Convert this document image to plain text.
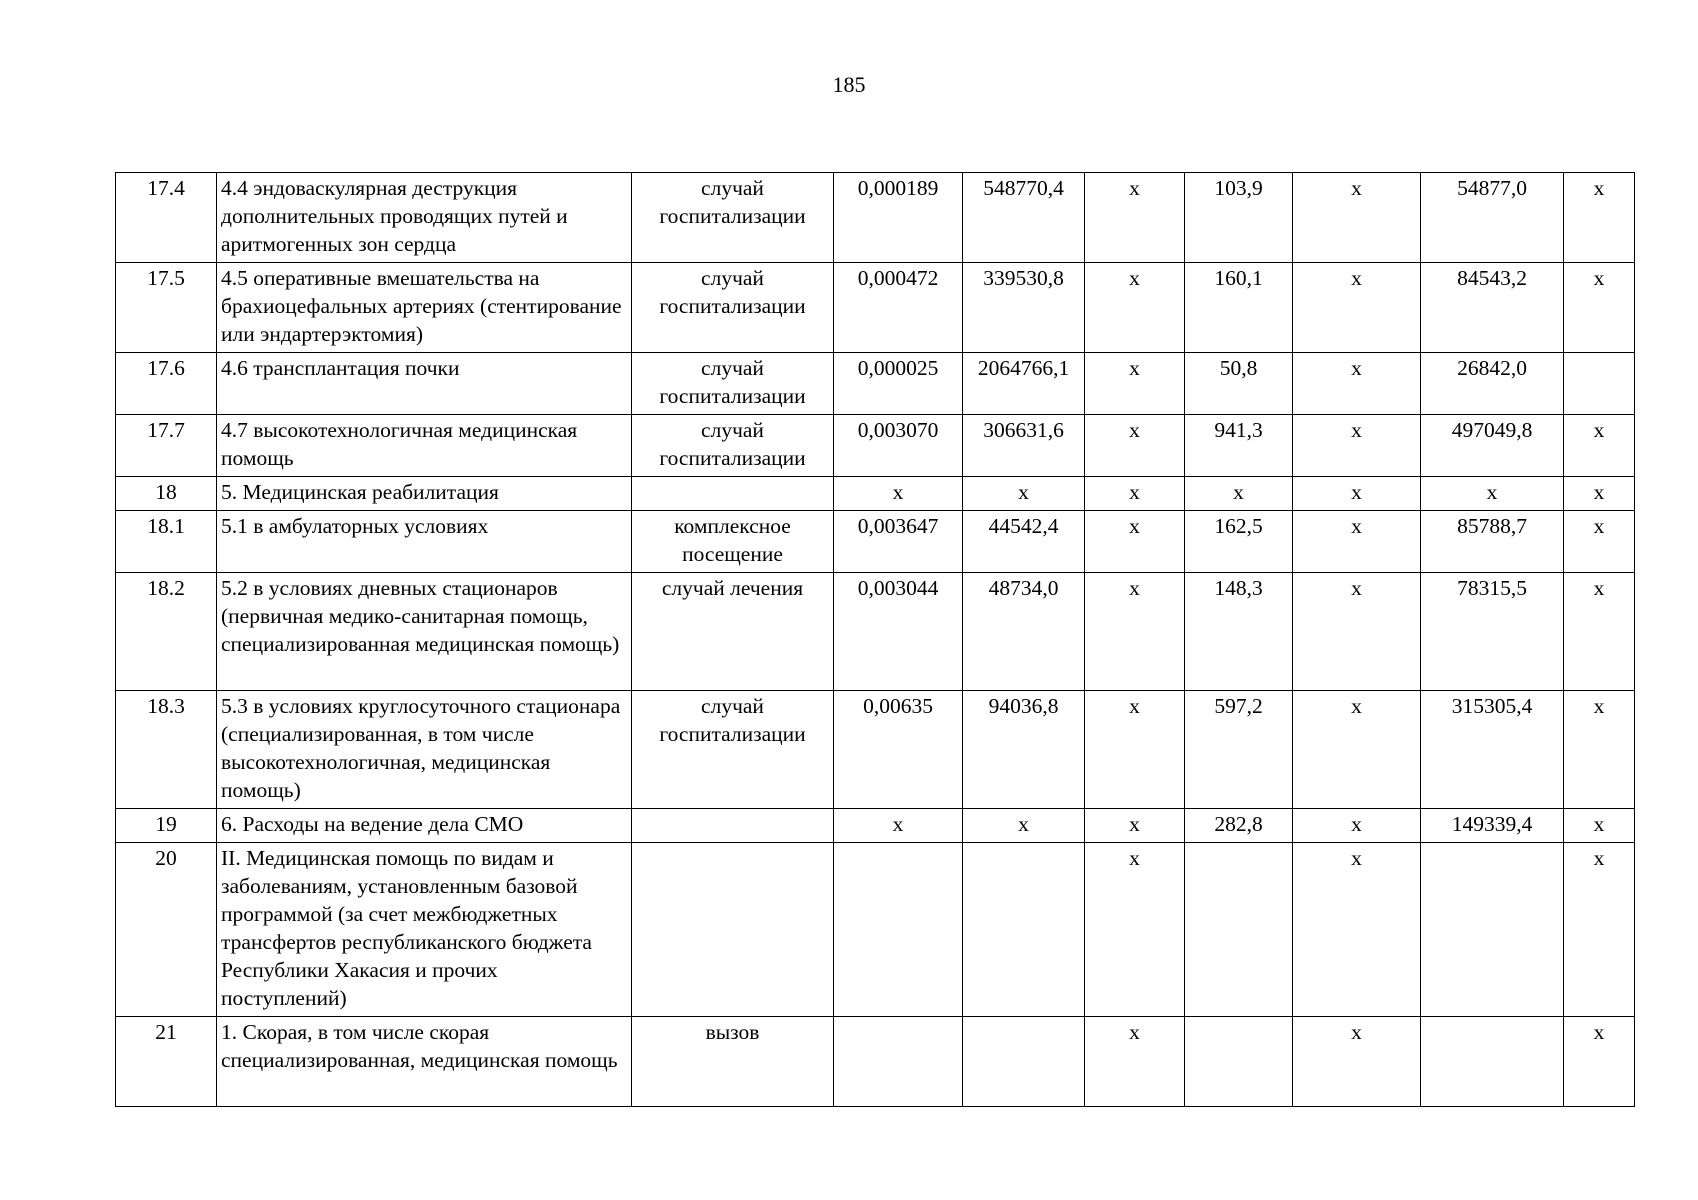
185
17.4	4.4 эндоваскулярная деструкция дополнительных проводящих путей и аритмогенных зон сердца	случай госпитализации	0,000189	548770,4	х	103,9	х	54877,0	х
17.5	4.5 оперативные вмешательства на брахиоцефальных артериях (стентирование или эндартерэктомия)	случай госпитализации	0,000472	339530,8	х	160,1	х	84543,2	х
17.6	4.6 трансплантация почки	случай госпитализации	0,000025	2064766,1	х	50,8	х	26842,0	
17.7	4.7 высокотехнологичная медицинская помощь	случай госпитализации	0,003070	306631,6	х	941,3	х	497049,8	х
18	5. Медицинская реабилитация		х	х	х	х	х	х	х
18.1	5.1 в амбулаторных условиях	комплексное посещение	0,003647	44542,4	х	162,5	х	85788,7	х
18.2	5.2 в условиях дневных стационаров (первичная медико-санитарная помощь, специализированная медицинская помощь)	случай лечения	0,003044	48734,0	х	148,3	х	78315,5	х
18.3	5.3 в условиях круглосуточного стационара (специализированная, в том числе высокотехнологичная, медицинская помощь)	случай госпитализации	0,00635	94036,8	х	597,2	х	315305,4	х
19	6. Расходы на ведение дела СМО		х	х	х	282,8	х	149339,4	х
20	II. Медицинская помощь по видам и заболеваниям, установленным базовой программой (за счет межбюджетных трансфертов республиканского бюджета Республики Хакасия и прочих поступлений)				х		х		х
21	1. Скорая, в том числе скорая специализированная, медицинская помощь	вызов			х		х		х
